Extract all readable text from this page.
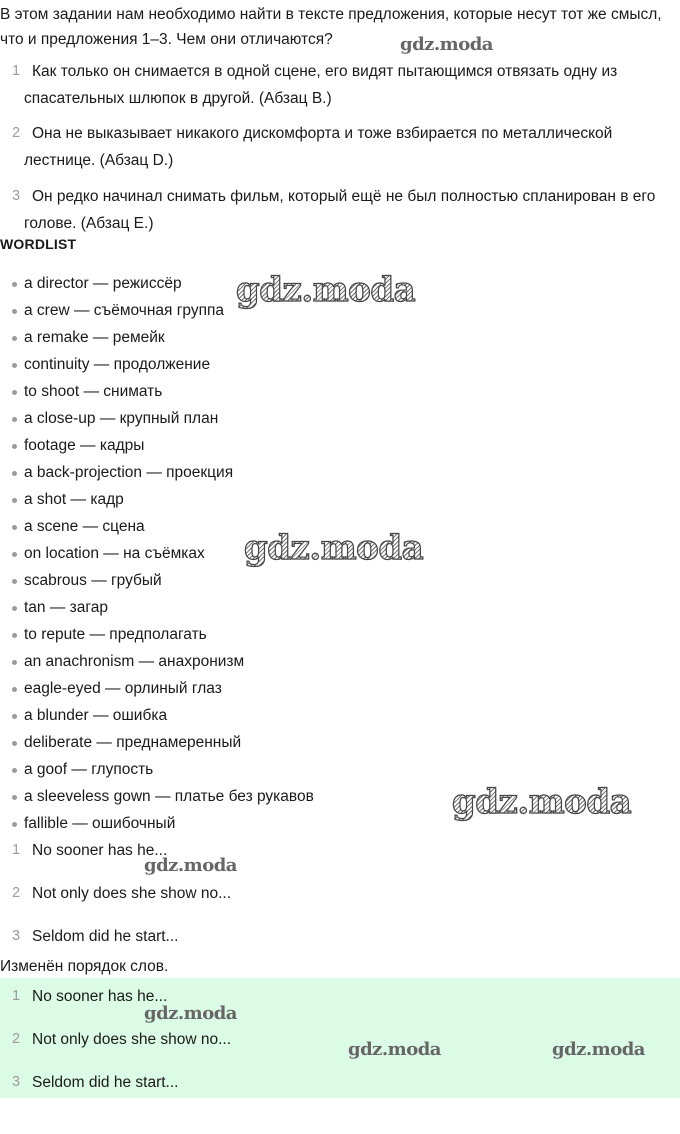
В этом задании нам необходимо найти в тексте предложения, которые несут тот же смысл, что и предложения 1–3. Чем они отличаются?

1 Как только он снимается в одной сцене, его видят пытающимся отвязать одну из спасательных шлюпок в другой. (Абзац B.)
2 Она не выказывает никакого дискомфорта и тоже взбирается по металлической лестнице. (Абзац D.)
3 Он редко начинал снимать фильм, который ещё не был полностью спланирован в его голове. (Абзац E.)
WORDLIST
a director — режиссёр
a crew — съёмочная группа
a remake — ремейк
continuity — продолжение
to shoot — снимать
a close-up — крупный план
footage — кадры
a back-projection — проекция
a shot — кадр
a scene — сцена
on location — на съёмках
scabrous — грубый
tan — загар
to repute — предполагать
an anachronism — анахронизм
eagle-eyed — орлиный глаз
a blunder — ошибка
deliberate — преднамеренный
a goof — глупость
a sleeveless gown — платье без рукавов
fallible — ошибочный
1 No sooner has he...
2 Not only does she show no...
3 Seldom did he start...

Изменён порядок слов.

1 No sooner has he...
2 Not only does she show no...
3 Seldom did he start...
gdz.moda
gdz.moda
gdz.moda
gdz.moda
gdz.moda
gdz.moda
gdz.moda	gdz.moda
